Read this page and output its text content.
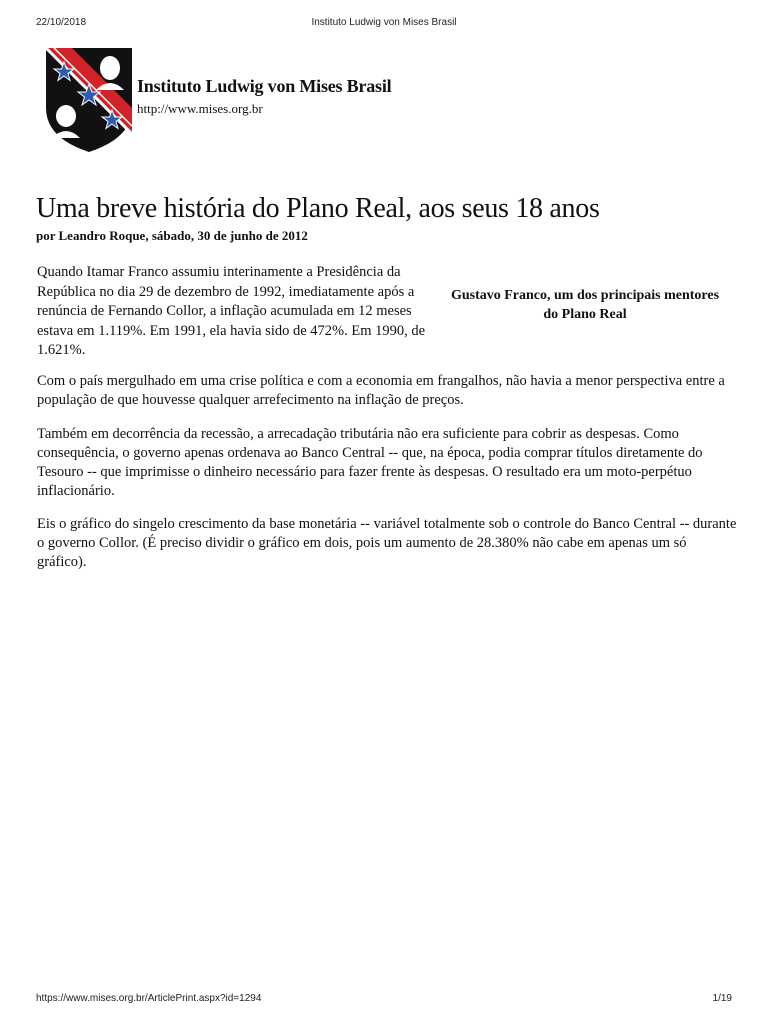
22/10/2018	Instituto Ludwig von Mises Brasil
Instituto Ludwig von Mises Brasil
http://www.mises.org.br
Uma breve história do Plano Real, aos seus 18 anos
por Leandro Roque, sábado, 30 de junho de 2012

Quando Itamar Franco assumiu interinamente a Presidência da República no dia 29 de dezembro de 1992, imediatamente após a renúncia de Fernando Collor, a inflação acumulada em 12 meses estava em 1.119%. Em 1991, ela havia sido de 472%. Em 1990, de 1.621%.

Gustavo Franco, um dos principais mentores do Plano Real

Com o país mergulhado em uma crise política e com a economia em frangalhos, não havia a menor perspectiva entre a população de que houvesse qualquer arrefecimento na inflação de preços.

Também em decorrência da recessão, a arrecadação tributária não era suficiente para cobrir as despesas. Como consequência, o governo apenas ordenava ao Banco Central -- que, na época, podia comprar títulos diretamente do Tesouro -- que imprimisse o dinheiro necessário para fazer frente às despesas. O resultado era um moto-perpétuo inflacionário.

Eis o gráfico do singelo crescimento da base monetária -- variável totalmente sob o controle do Banco Central -- durante o governo Collor. (É preciso dividir o gráfico em dois, pois um aumento de 28.380% não cabe em apenas um só gráfico).

https://www.mises.org.br/ArticlePrint.aspx?id=1294	1/19
